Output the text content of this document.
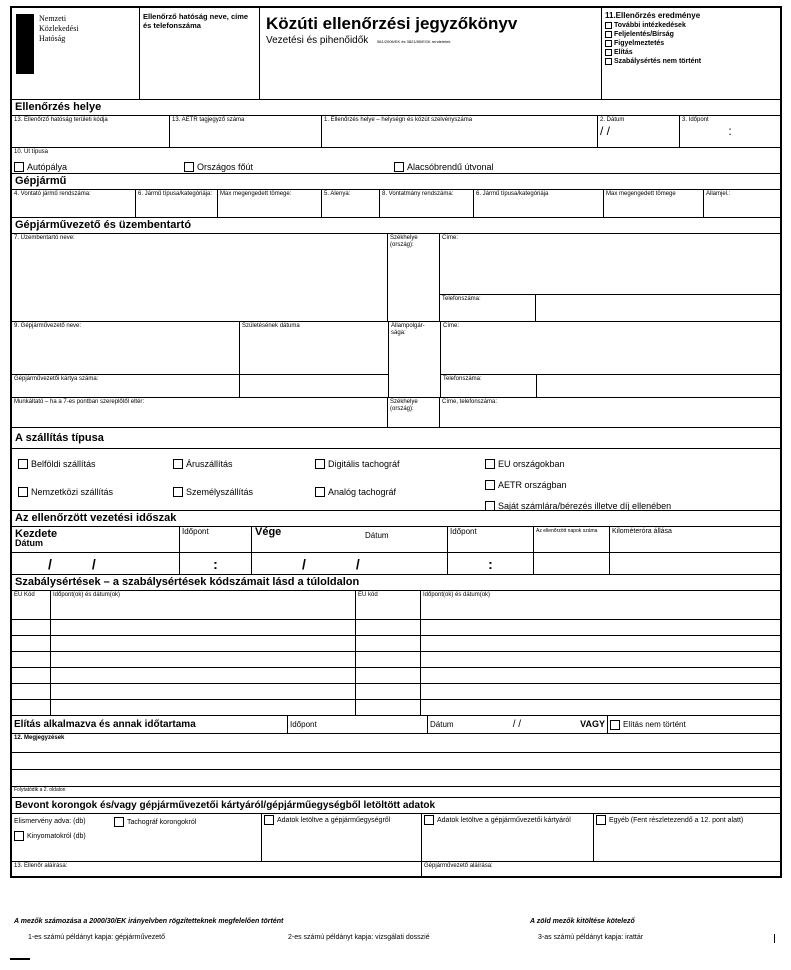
Nemzeti
Közlekedési
Hatóság
Ellenőrző hatóság neve, címe és telefonszáma	Közúti ellenőrzési jegyzőkönyv
Vezetési és pihenőidők 561/2006/EK és 3821/85/EGK rendeletek
11.Ellenőrzés eredménye
További intézkedések
Feljelentés/Bírság
Figyelmeztetés
Elítás
Szabálysértés nem történt
Ellenőrzés helye
13. Ellenőrző hatóság területi kódja	13. AETR tagjegyző száma	1. Ellenőrzés helye – helységn és közút szelvényszáma	2. Dátum
/ /
3. Időpont
:
10. Út típusa
Autópálya	Országos főút	Alacsóbrendű útvonal
Gépjármű
4. Vontató jármű rendszáma:	6. Jármű típusa/kategóriája:	Max megengedett tömege:	5. Alenya:	8. Vontatmány rendszáma:	6. Jármű típusa/kategóriája	Max megengedett tömege	Államjel.:
Gépjárművezető és üzembentartó
7. Üzembentartó neve:	Székhelye (ország):
Címe:
Telefonszáma:
9. Gépjárművezető neve:	Születésének dátuma
Gépjárművezetői kártya száma:
Állampolgár-sága:
Címe:
Telefonszáma:
Munkáltató – ha a 7-es pontban szereplőtől eltér:	Székhelye (ország):
Címe, telefonszáma:
A szállítás típusa
Belföldi szállítás
Nemzetközi szállítás
Áruszállítás
Személyszállítás
Digitális tachográf
Analóg tachográf
EU országokban
AETR országban
Saját számlára/bérezés illetve díj ellenében
Az ellenőrzött vezetési időszak
Kezdete
Dátum
Időpont	Vége	Dátum	Időpont	Az ellenőrzött napok száma	Kilométeróra állása
/	/	:	/	/	:
Szabálysértések – a szabálysértések kódszámait lásd a túloldalon
EU Kód	Időpont(ok) és dátum(ok)	EU kód	Időpont(ok) és dátum(ok)
Elítás alkalmazva és annak időtartama	Időpont	Dátum	/ /	VAGY	Elítás nem történt
12. Megjegyzések
Folytatódik a 2. oldalon
Bevont korongok és/vagy gépjárművezetői kártyáról/gépjárműegységből letöltött adatok
Elismervény adva: (db)	Tachográf korongokról
Kinyomatokról (db)
Adatok letöltve a gépjárműegységről	Adatok letöltve a gépjárművezetői kártyáról	Egyéb (Fent részletezendő a 12. pont alatt)
13. Ellenőr aláírása:	Gépjárművezető aláírása:
A mezők számozása a 2000/30/EK irányelvben rögzítetteknek megfelelően történt	A zöld mezők kitöltése kötelező
1-es számú példányt kapja: gépjárművezető	2-es számú példányt kapja: vizsgálati dosszié	3-as számú példányt kapja: irattár
